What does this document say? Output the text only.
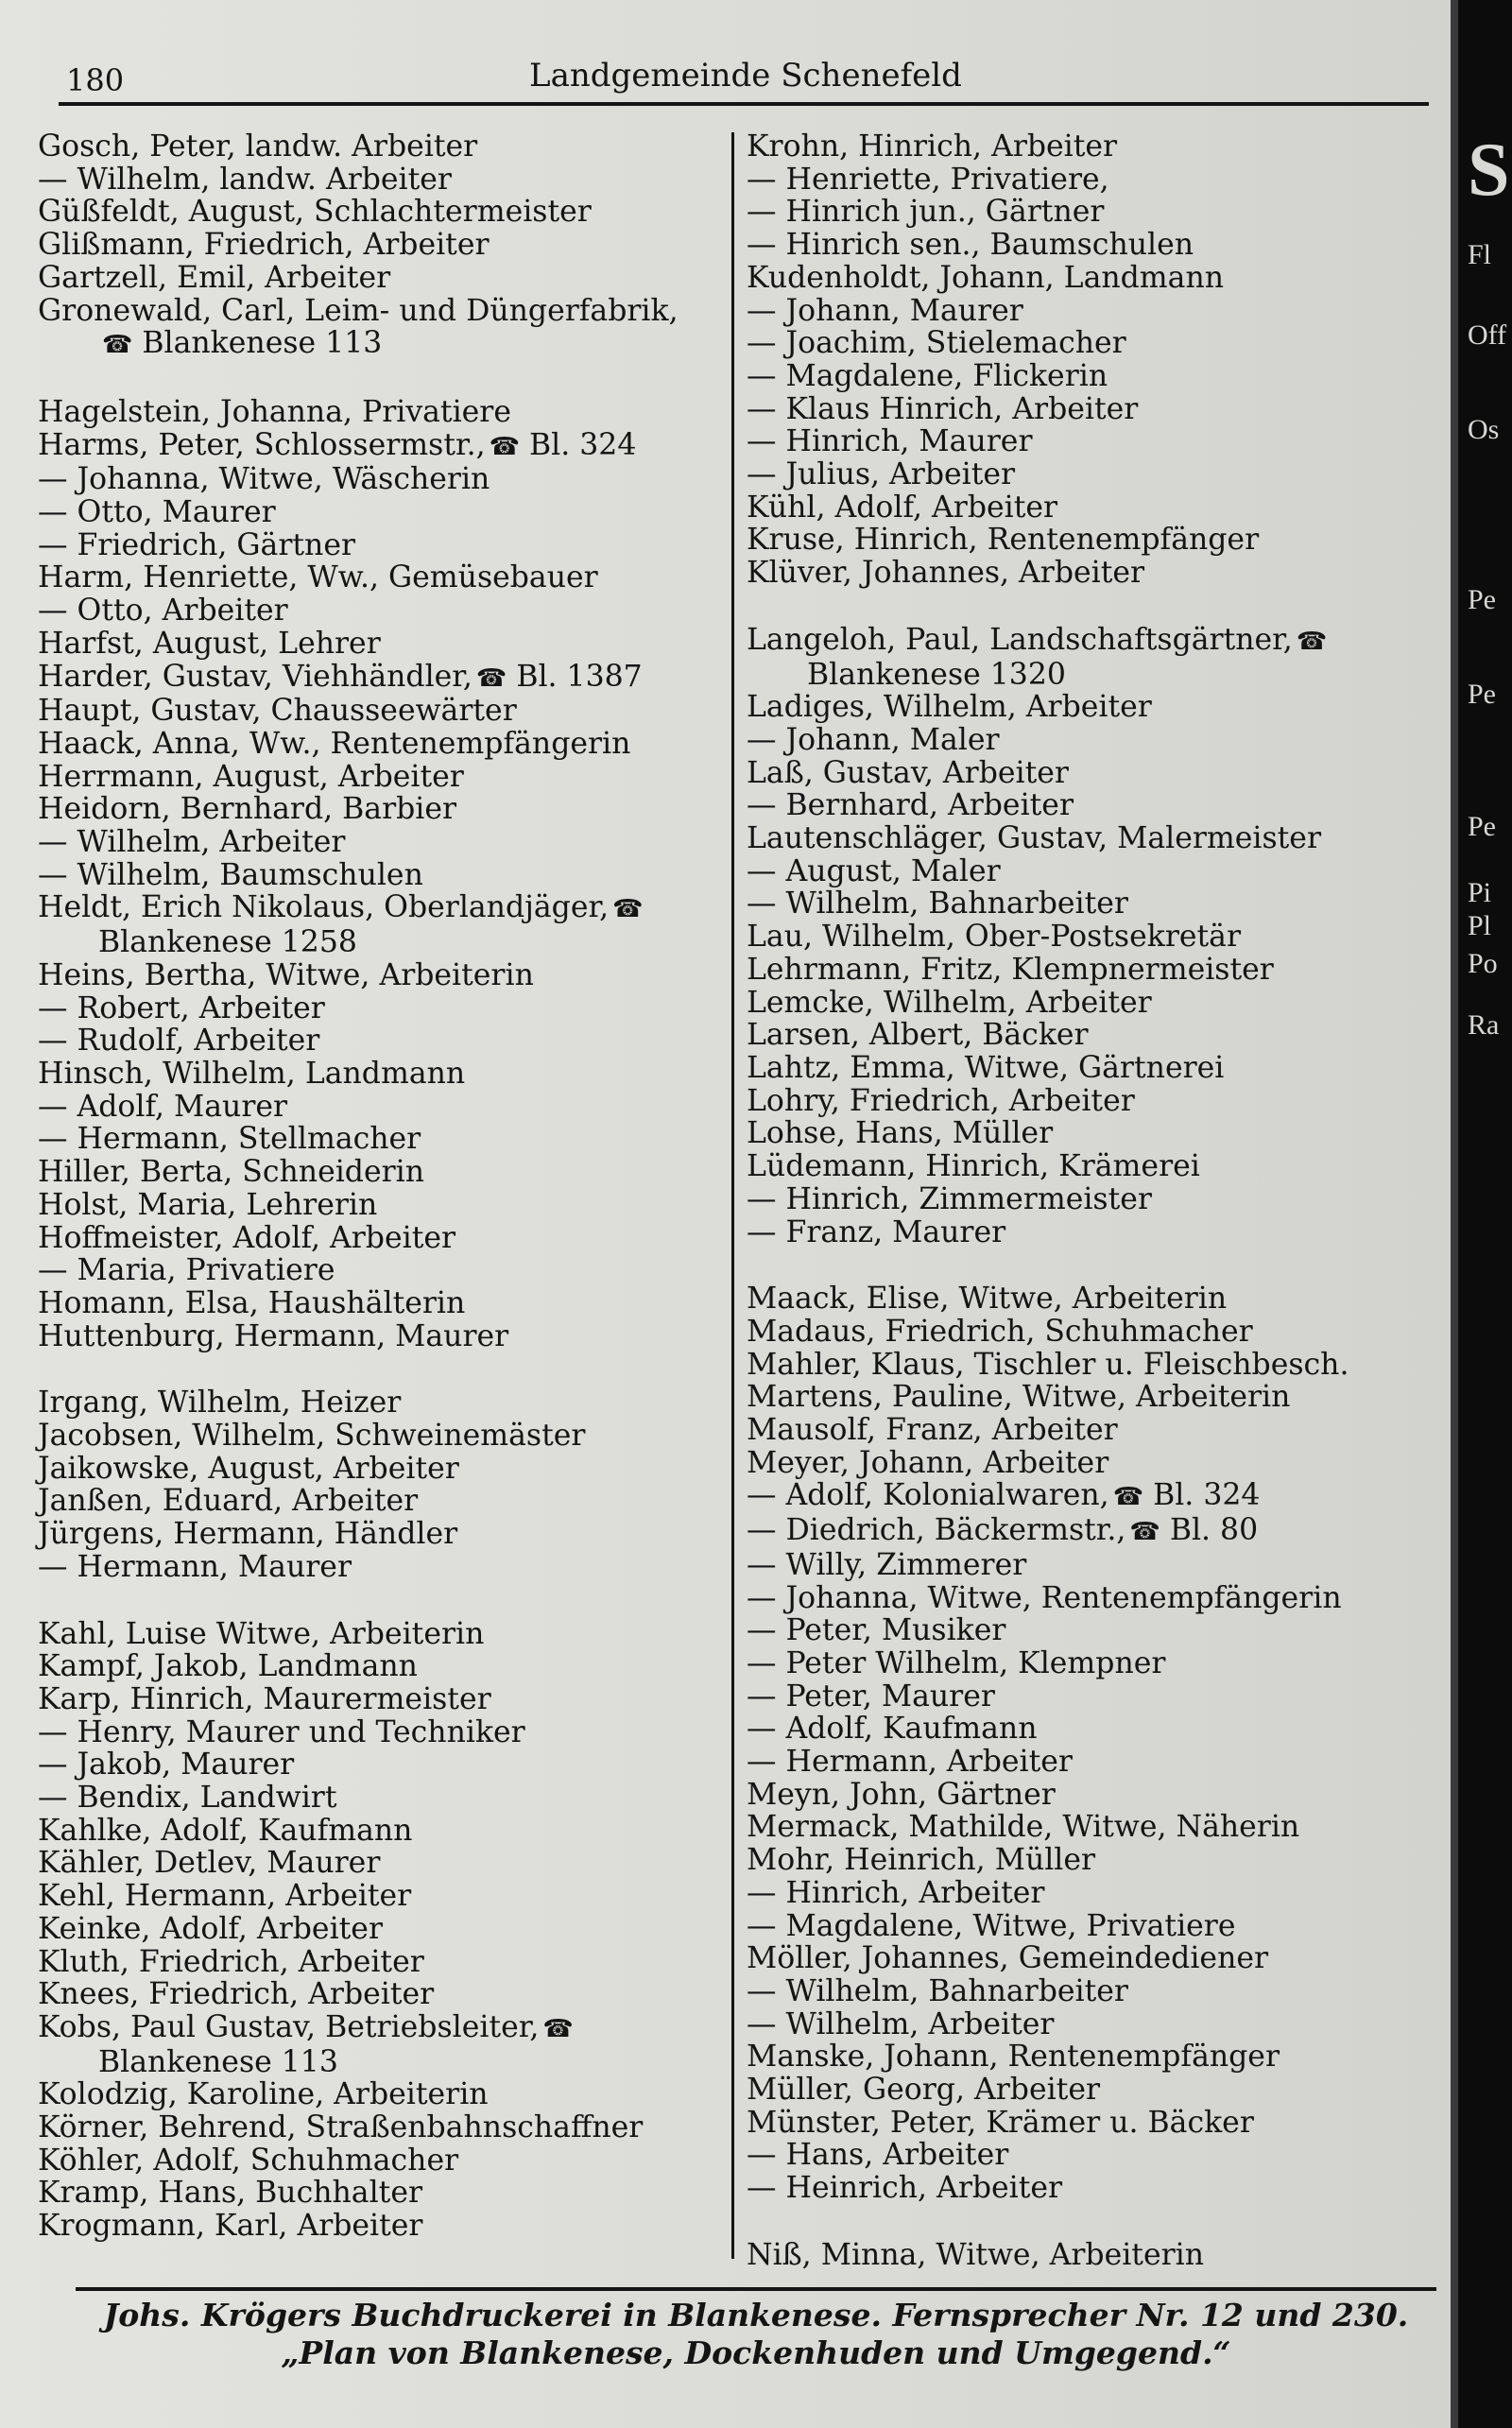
180	Landgemeinde Schenefeld
Gosch, Peter, landw. Arbeiter
— Wilhelm, landw. Arbeiter
Güßfeldt, August, Schlachtermeister
Glißmann, Friedrich, Arbeiter
Gartzell, Emil, Arbeiter
Gronewald, Carl, Leim- und Düngerfabrik,
☎ Blankenese 113
Hagelstein, Johanna, Privatiere
Harms, Peter, Schlossermstr., ☎ Bl. 324
— Johanna, Witwe, Wäscherin
— Otto, Maurer
— Friedrich, Gärtner
Harm, Henriette, Ww., Gemüsebauer
— Otto, Arbeiter
Harfst, August, Lehrer
Harder, Gustav, Viehhändler, ☎ Bl. 1387
Haupt, Gustav, Chausseewärter
Haack, Anna, Ww., Rentenempfängerin
Herrmann, August, Arbeiter
Heidorn, Bernhard, Barbier
— Wilhelm, Arbeiter
— Wilhelm, Baumschulen
Heldt, Erich Nikolaus, Oberlandjäger, ☎
Blankenese 1258
Heins, Bertha, Witwe, Arbeiterin
— Robert, Arbeiter
— Rudolf, Arbeiter
Hinsch, Wilhelm, Landmann
— Adolf, Maurer
— Hermann, Stellmacher
Hiller, Berta, Schneiderin
Holst, Maria, Lehrerin
Hoffmeister, Adolf, Arbeiter
— Maria, Privatiere
Homann, Elsa, Haushälterin
Huttenburg, Hermann, Maurer
Irgang, Wilhelm, Heizer
Jacobsen, Wilhelm, Schweinemäster
Jaikowske, August, Arbeiter
Janßen, Eduard, Arbeiter
Jürgens, Hermann, Händler
— Hermann, Maurer
Kahl, Luise Witwe, Arbeiterin
Kampf, Jakob, Landmann
Karp, Hinrich, Maurermeister
— Henry, Maurer und Techniker
— Jakob, Maurer
— Bendix, Landwirt
Kahlke, Adolf, Kaufmann
Kähler, Detlev, Maurer
Kehl, Hermann, Arbeiter
Keinke, Adolf, Arbeiter
Kluth, Friedrich, Arbeiter
Knees, Friedrich, Arbeiter
Kobs, Paul Gustav, Betriebsleiter, ☎
Blankenese 113
Kolodzig, Karoline, Arbeiterin
Körner, Behrend, Straßenbahnschaffner
Köhler, Adolf, Schuhmacher
Kramp, Hans, Buchhalter
Krogmann, Karl, Arbeiter
Krohn, Hinrich, Arbeiter
— Henriette, Privatiere,
— Hinrich jun., Gärtner
— Hinrich sen., Baumschulen
Kudenholdt, Johann, Landmann
— Johann, Maurer
— Joachim, Stielemacher
— Magdalene, Flickerin
— Klaus Hinrich, Arbeiter
— Hinrich, Maurer
— Julius, Arbeiter
Kühl, Adolf, Arbeiter
Kruse, Hinrich, Rentenempfänger
Klüver, Johannes, Arbeiter
Langeloh, Paul, Landschaftsgärtner, ☎
Blankenese 1320
Ladiges, Wilhelm, Arbeiter
— Johann, Maler
Laß, Gustav, Arbeiter
— Bernhard, Arbeiter
Lautenschläger, Gustav, Malermeister
— August, Maler
— Wilhelm, Bahnarbeiter
Lau, Wilhelm, Ober-Postsekretär
Lehrmann, Fritz, Klempnermeister
Lemcke, Wilhelm, Arbeiter
Larsen, Albert, Bäcker
Lahtz, Emma, Witwe, Gärtnerei
Lohry, Friedrich, Arbeiter
Lohse, Hans, Müller
Lüdemann, Hinrich, Krämerei
— Hinrich, Zimmermeister
— Franz, Maurer
Maack, Elise, Witwe, Arbeiterin
Madaus, Friedrich, Schuhmacher
Mahler, Klaus, Tischler u. Fleischbesch.
Martens, Pauline, Witwe, Arbeiterin
Mausolf, Franz, Arbeiter
Meyer, Johann, Arbeiter
— Adolf, Kolonialwaren, ☎ Bl. 324
— Diedrich, Bäckermstr., ☎ Bl. 80
— Willy, Zimmerer
— Johanna, Witwe, Rentenempfängerin
— Peter, Musiker
— Peter Wilhelm, Klempner
— Peter, Maurer
— Adolf, Kaufmann
— Hermann, Arbeiter
Meyn, John, Gärtner
Mermack, Mathilde, Witwe, Näherin
Mohr, Heinrich, Müller
— Hinrich, Arbeiter
— Magdalene, Witwe, Privatiere
Möller, Johannes, Gemeindediener
— Wilhelm, Bahnarbeiter
— Wilhelm, Arbeiter
Manske, Johann, Rentenempfänger
Müller, Georg, Arbeiter
Münster, Peter, Krämer u. Bäcker
— Hans, Arbeiter
— Heinrich, Arbeiter
Niß, Minna, Witwe, Arbeiterin
Johs. Krögers Buchdruckerei in Blankenese. Fernsprecher Nr. 12 und 230.
„Plan von Blankenese, Dockenhuden und Umgegend.“
S
Fl
Off
Os
Pe
Pe
Pe
Pi
Pl
Po
Ra
